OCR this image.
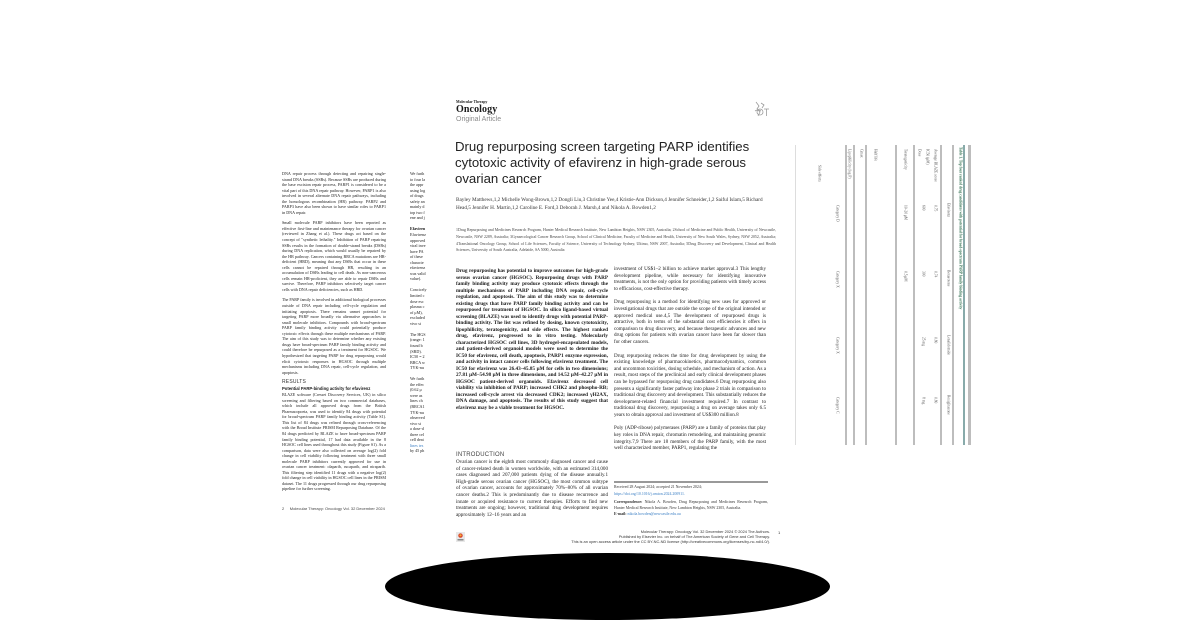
DNA repair process through detecting and repairing single-strand DNA breaks (SSBs). Because SSBs are produced during the base excision repair process, PARP1 is considered to be a vital part of this DNA repair pathway. However, PARP1 is also involved in several alternate DNA repair pathways, including the homologous recombination (HR) pathway. PARP2 and PARP3 have also been shown to have similar roles to PARP1 in DNA repair.
Small molecule PARP inhibitors have been reported as effective first-line and maintenance therapy for ovarian cancer (reviewed in Zhang et al.). These drugs act based on the concept of "synthetic lethality." Inhibition of PARP repairing SSBs results in the formation of double-strand breaks (DSBs) during DNA replication, which would usually be repaired by the HR pathway. Cancers containing BRCA mutations are HR-deficient (HRD), meaning that any DSBs that occur in these cells cannot be repaired through HR, resulting in an accumulation of DSBs leading to cell death. As non-cancerous cells remain HR-proficient, they are able to repair DSBs and survive. Therefore, PARP inhibitors selectively target cancer cells with DNA repair deficiencies, such as HRD.
The PARP family is involved in additional biological processes outside of DNA repair including cell-cycle regulation and initiating apoptosis. There remains unmet potential for targeting PARP more broadly via alternative approaches to small molecule inhibitors. Compounds with broad-spectrum PARP family binding activity could potentially produce cytotoxic effects through these multiple mechanisms of PARP. The aim of this study was to determine whether any existing drugs have broad-spectrum PARP family binding activity and could therefore be repurposed as a treatment for HGSOC. We hypothesized that targeting PARP for drug repurposing would elicit cytotoxic responses in HGSOC through multiple mechanisms including DNA repair, cell-cycle regulation, and apoptosis.
RESULTS
Potential PARP-binding activity for efavirenz
BLAZE software (Cresset Discovery Services, UK) in silico screening and filtering based on two commercial databases, which include all approved drugs from the British Pharmacopoeia, was used to identify 84 drugs with potential for broad-spectrum PARP family binding activity (Table S1). This list of 84 drugs was refined through cross-referencing with the Broad Institute PRISM Repurposing Database. Of the 84 drugs predicted by BLAZE to have broad-spectrum PARP family binding potential, 17 had data available in the 8 HGSOC cell lines used throughout this study (Figure S1). As a comparison, data were also collected on average log(2) fold change in cell viability following treatment with three small molecule PARP inhibitors currently approved for use in ovarian cancer treatment: olaparib, rucaparib, and niraparib. This filtering step identified 11 drugs with a negative log(2) fold change in cell viability in HGSOC cell lines in the PRISM dataset. The 11 drugs progressed through our drug repurposing pipeline for further screening.
2     Molecular Therapy: Oncology Vol. 32 December 2024
We furth
to four la
the appr
using log
of drugs
safety an
mainly d
top two f
ene and j
Efaviren
Efavirenz
approved
viral inve
have PA
of these
characte
efavirenz
was valid
value).
Concicely
limited c
dose esc
plasma c
of μM),
excluded
vivo st
The HGS
(range: 1
found b
(SRD).
IC50 = 2
BRCA w
TYK-nu
We furth
the effec
(0.62 μ
were as
lines ch
(BRCA1
TYK-nu
observed
vivo st
a dose-d
three cel
cell deat
lines tes
by 45 ph
Molecular Therapy
Oncology
Original Article
Drug repurposing screen targeting PARP identifies cytotoxic activity of efavirenz in high-grade serous ovarian cancer
Bayley Matthews,1,2 Michelle Wong-Brown,1,2 Dongli Liu,3 Christine Yee,4 Kristie-Ann Dickson,4 Jennifer Schneider,1,2 Saiful Islam,5 Richard Head,5 Jennifer H. Martin,1,2 Caroline E. Ford,3 Deborah J. Marsh,4 and Nikola A. Bowden1,2
1Drug Repurposing and Medicines Research Program, Hunter Medical Research Institute, New Lambton Heights, NSW 2305, Australia; 2School of Medicine and Public Health, University of Newcastle, Newcastle, NSW 2289, Australia; 3Gynaecological Cancer Research Group, School of Clinical Medicine, Faculty of Medicine and Health, University of New South Wales, Sydney, NSW 2052, Australia; 4Translational Oncology Group, School of Life Sciences, Faculty of Science, University of Technology Sydney, Ultimo, NSW 2007, Australia; 5Drug Discovery and Development, Clinical and Health Sciences, University of South Australia, Adelaide, SA 5000, Australia
Drug repurposing has potential to improve outcomes for high-grade serous ovarian cancer (HGSOC). Repurposing drugs with PARP family binding activity may produce cytotoxic effects through the multiple mechanisms of PARP including DNA repair, cell-cycle regulation, and apoptosis. The aim of this study was to determine existing drugs that have PARP family binding activity and can be repurposed for treatment of HGSOC. In silico ligand-based virtual screening (BLAZE) was used to identify drugs with potential PARP-binding activity. The list was refined by dosing, known cytotoxicity, lipophilicity, teratogenicity, and side effects. The highest ranked drug, efavirenz, progressed to in vitro testing. Molecularly characterized HGSOC cell lines, 3D hydrogel-encapsulated models, and patient-derived organoid models were used to determine the IC50 for efavirenz, cell death, apoptosis, PARP1 enzyme expression, and activity in intact cancer cells following efavirenz treatment. The IC50 for efavirenz was 26.43–45.85 μM for cells in two dimensions; 27.81 μM–54.98 μM in three dimensions, and 14.52 μM–42.27 μM in HGSOC patient-derived organoids. Efavirenz decreased cell viability via inhibition of PARP; increased CHK2 and phospho-RB; increased cell-cycle arrest via decreased CDK2; increased γH2AX, DNA damage, and apoptosis. The results of this study suggest that efavirenz may be a viable treatment for HGSOC.
INTRODUCTION
Ovarian cancer is the eighth most commonly diagnosed cancer and cause of cancer-related death in women worldwide, with an estimated 314,000 cases diagnosed and 207,000 patients dying of the disease annually.1 High-grade serous ovarian cancer (HGSOC), the most common subtype of ovarian cancer, accounts for approximately 70%–80% of all ovarian cancer deaths.2 This is predominantly due to disease recurrence and innate or acquired resistance to current therapies. Efforts to find new treatments are ongoing; however, traditional drug development requires approximately 12–16 years and an

investment of US$1–2 billion to achieve market approval.3 This lengthy development pipeline, while necessary for identifying innovative treatments, is not the only option for providing patients with timely access to efficacious, cost-effective therapy.

Drug repurposing is a method for identifying new uses for approved or investigational drugs that are outside the scope of the original intended or approved medical use.4,5 The development of repurposed drugs is attractive, both in terms of the substantial cost efficiencies it offers in comparison to drug discovery, and because therapeutic advances and new drug options for patients with ovarian cancer have been far slower than for other cancers.

Drug repurposing reduces the time for drug development by using the existing knowledge of pharmacokinetics, pharmacodynamics, common and uncommon toxicities, dosing schedule, and mechanism of action. As a result, most steps of the preclinical and early clinical development phases can be bypassed for repurposing drug candidates.6 Drug repurposing also presents a significantly faster pathway into phase 2 trials in comparison to traditional drug discovery and development. This substantially reduces the development-related financial investment required.7 In contrast to traditional drug discovery, repurposing a drug on average takes only 6.5 years to obtain approval and investment of US$300 million.8

Poly (ADP-ribose) polymerases (PARP) are a family of proteins that play key roles in DNA repair, chromatin remodeling, and maintaining genomic integrity.7,9 There are 18 members of the PARP family, with the most well characterized member, PARP1, regulating the

Received 28 August 2024; accepted 21 November 2024;

https://doi.org/10.1016/j.omton.2024.200911.

Correspondence: Nikola A. Bowden, Drug Repurposing and Medicines Research Program, Hunter Medical Research Institute, New Lambton Heights, NSW 2305, Australia.

E-mail: nikola.bowden@newcastle.edu.au

Molecular Therapy: Oncology Vol. 32 December 2024 © 2024 The Authors.
Published by Elsevier Inc. on behalf of The American Society of Gene and Cell Therapy.
This is an open access article under the CC BY-NC-ND license (http://creativecommons.org/licenses/by-nc-nd/4.0/).
1
Table 1. Top four ranked drug candidates with potential for broad-spectrum PARP family binding activity
Efavirenz
Bexarotene
Lenalidomide
Rosiglitazone
Average BLAZE score
IC50 (μM)
Dose
Teratogenicity
Half life
Cmax
Lipophilicity (log P)
Side effects
0.75
0.74
0.80
0.80
600
300
25 mg
8 mg
10–20 μM
0.5 μM
Category D
Category X
Category X
Category C
